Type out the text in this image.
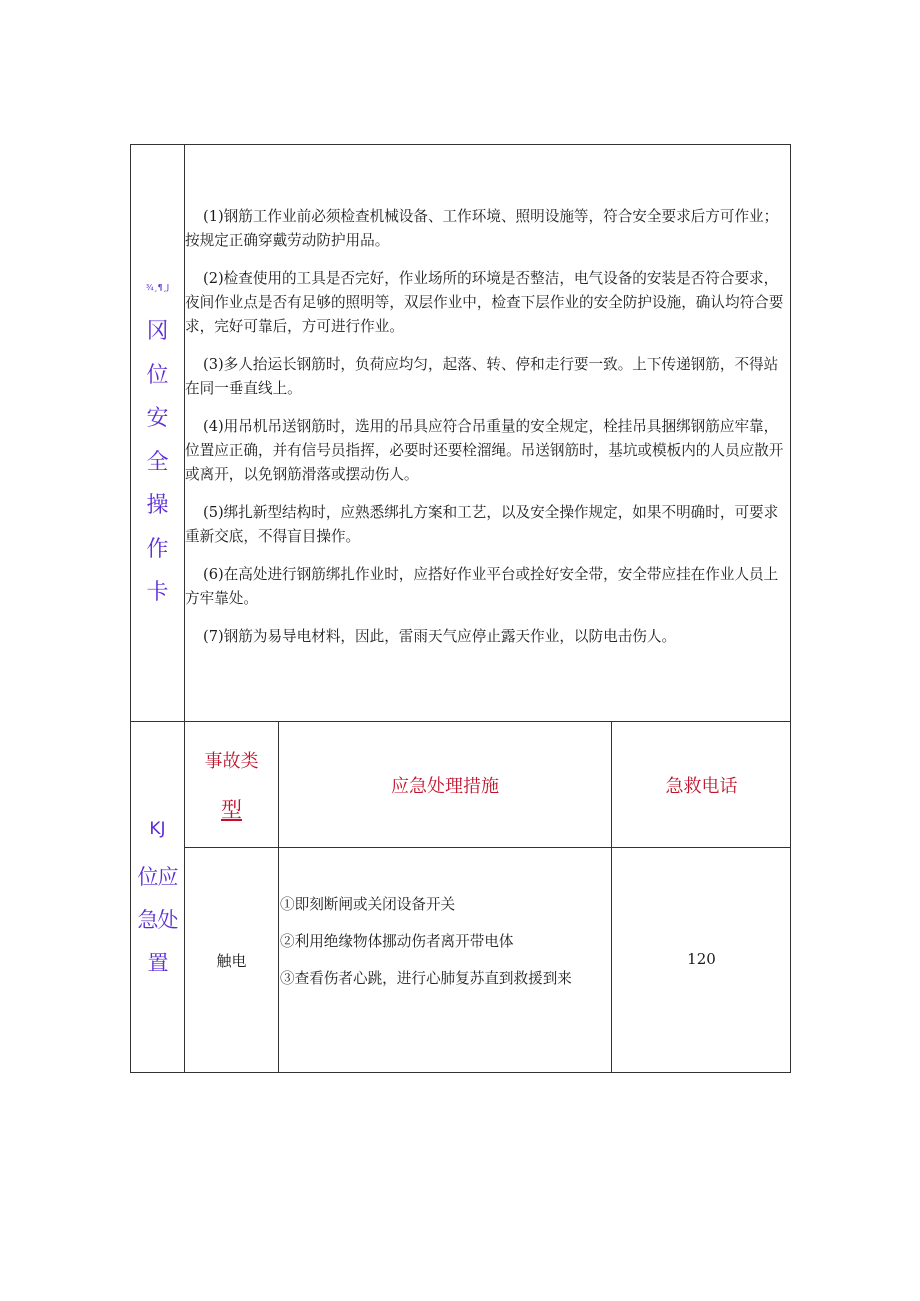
¾¸¶¸J
冈
位
安
全
操
作
卡

(1)钢筋工作业前必须检查机械设备、工作环境、照明设施等，符合安全要求后方可作业；按规定正确穿戴劳动防护用品。

(2)检查使用的工具是否完好，作业场所的环境是否整洁，电气设备的安装是否符合要求，夜间作业点是否有足够的照明等，双层作业中，检查下层作业的安全防护设施，确认均符合要求，完好可靠后，方可进行作业。

(3)多人抬运长钢筋时，负荷应均匀，起落、转、停和走行要一致。上下传递钢筋，不得站在同一垂直线上。

(4)用吊机吊送钢筋时，选用的吊具应符合吊重量的安全规定，栓挂吊具捆绑钢筋应牢靠，位置应正确，并有信号员指挥，必要时还要栓溜绳。吊送钢筋时，基坑或模板内的人员应散开或离开，以免钢筋滑落或摆动伤人。

(5)绑扎新型结构时，应熟悉绑扎方案和工艺，以及安全操作规定，如果不明确时，可要求重新交底，不得盲目操作。

(6)在高处进行钢筋绑扎作业时，应搭好作业平台或拴好安全带，安全带应挂在作业人员上方牢靠处。

(7)钢筋为易导电材料，因此，雷雨天气应停止露天作业，以防电击伤人。

KJ
位应
急处
置
事故类
型
应急处理措施	急救电话
触电

①即刻断闸或关闭设备开关

②利用绝缘物体挪动伤者离开带电体

③查看伤者心跳，进行心肺复苏直到救援到来

120
